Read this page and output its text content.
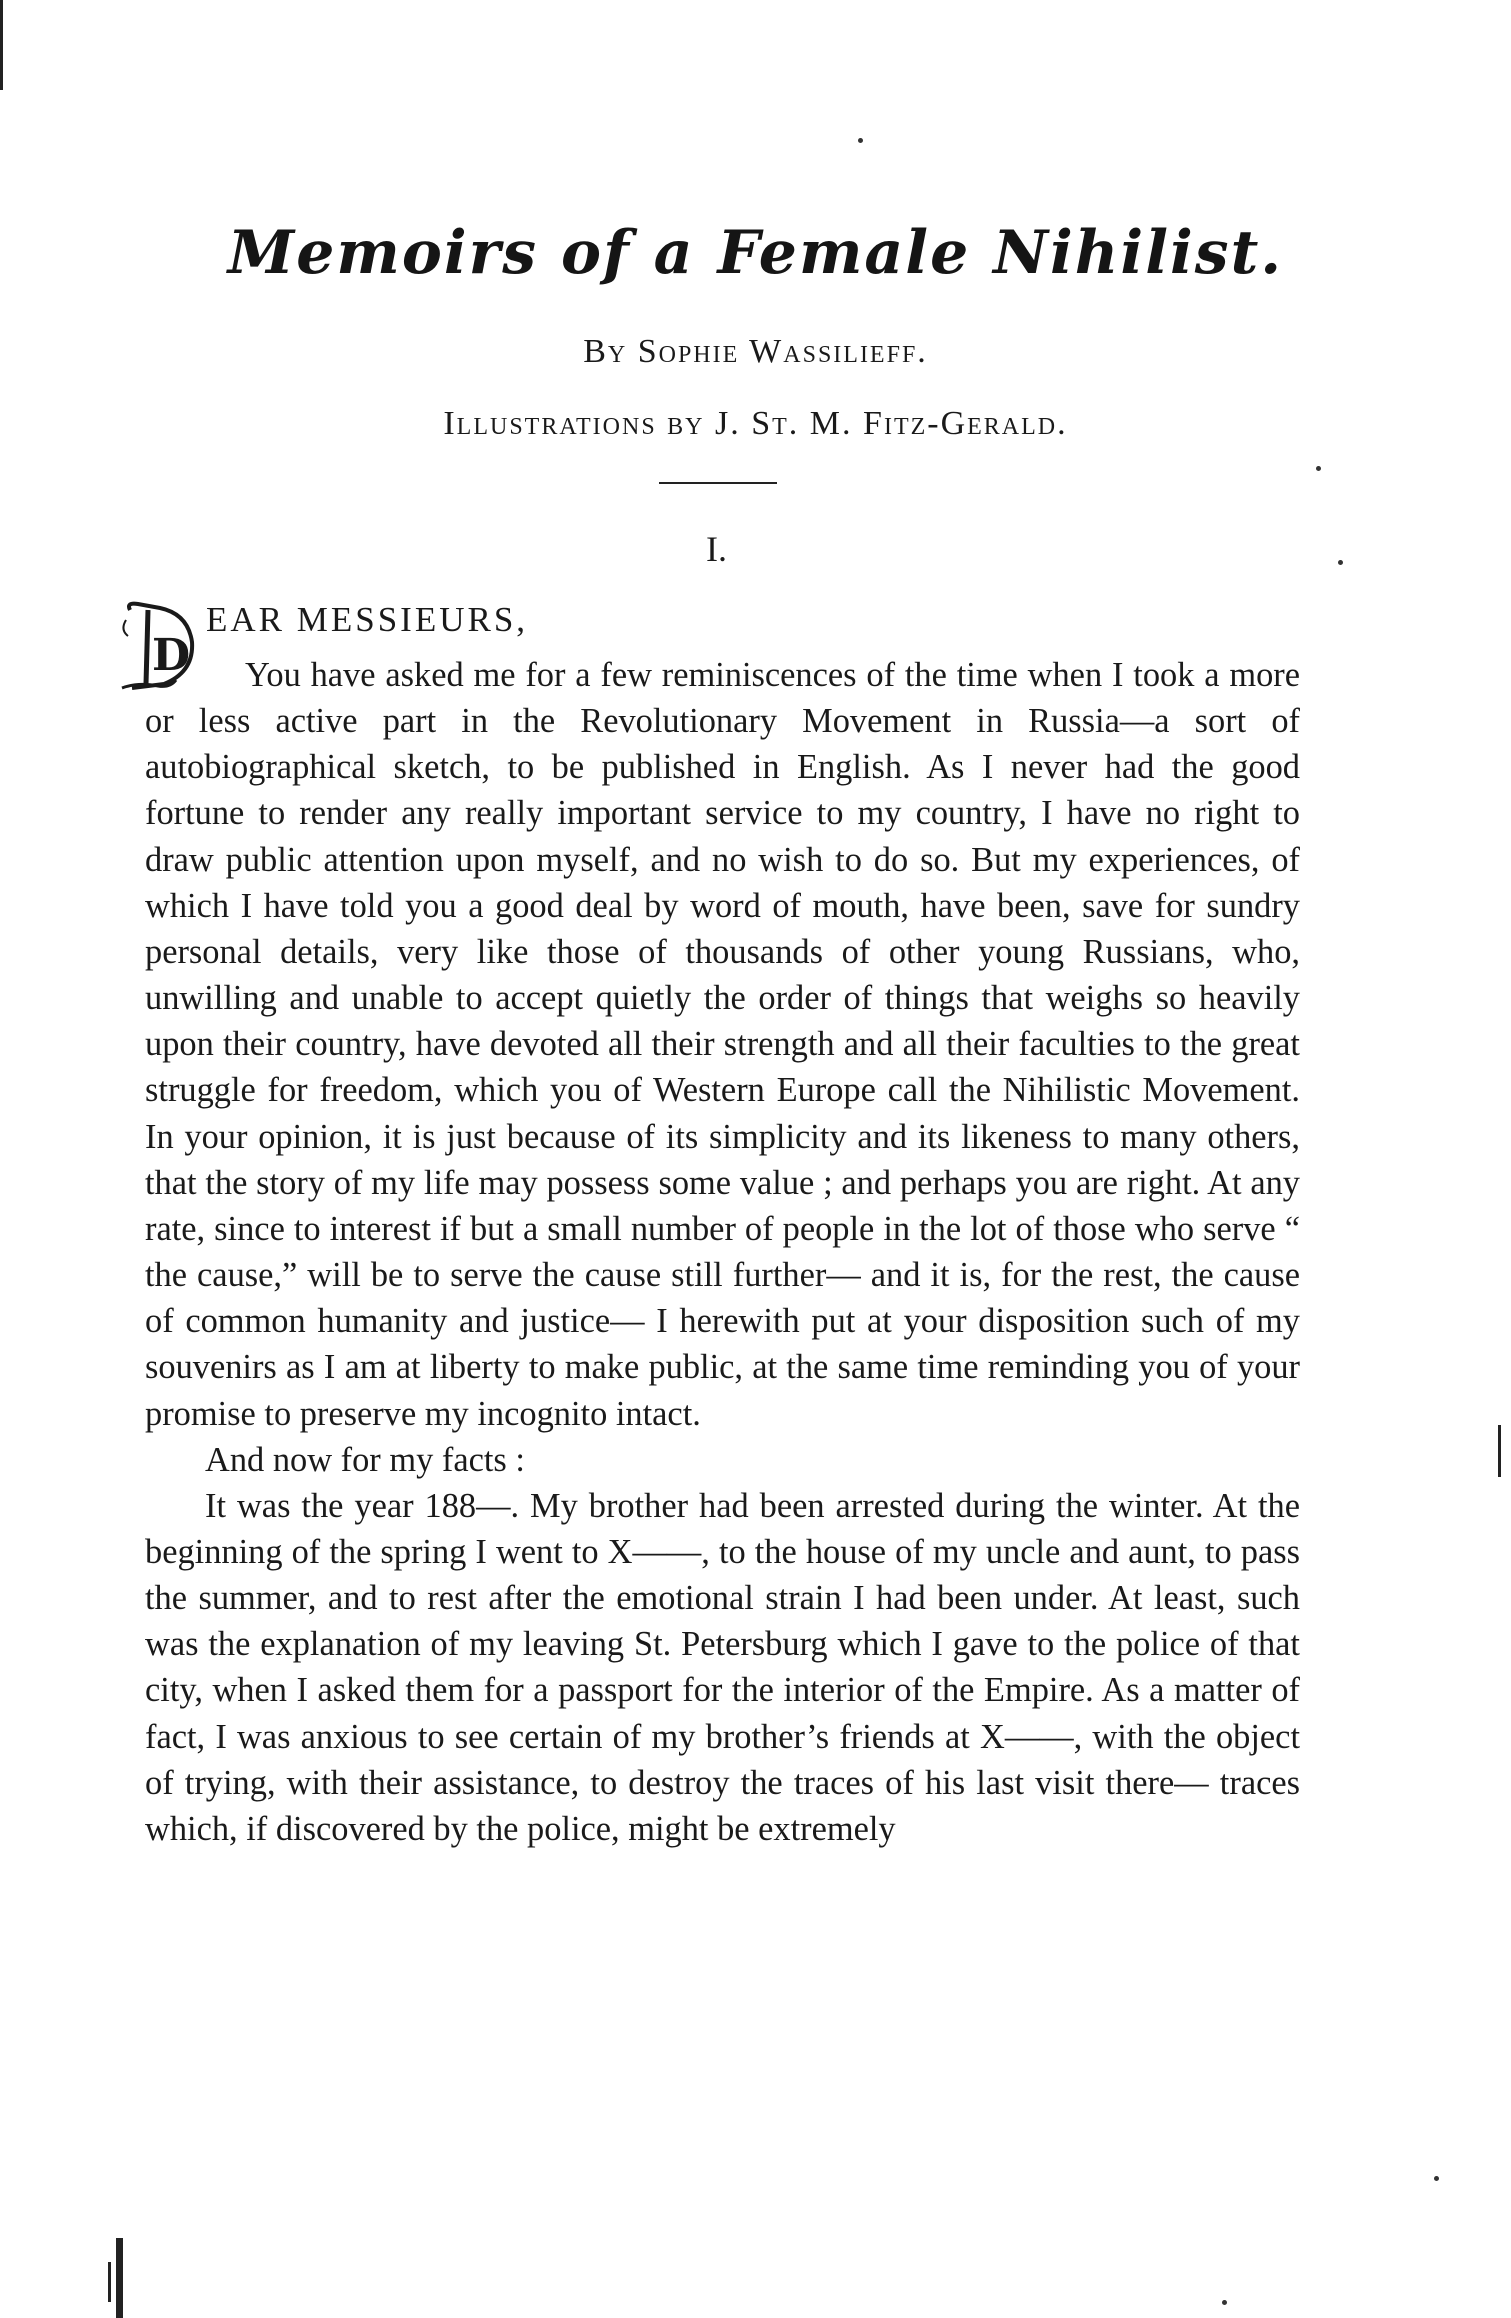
Memoirs of a Female Nihilist.
By Sophie Wassilieff.
Illustrations by J. St. M. Fitz-Gerald.
I.
D
EAR MESSIEURS,

You have asked me for a few reminiscences of the time when I took a more or less active part in the Revolutionary Movement in Russia—a sort of autobiographical sketch, to be published in English. As I never had the good fortune to render any really important service to my country, I have no right to draw public attention upon myself, and no wish to do so. But my experiences, of which I have told you a good deal by word of mouth, have been, save for sundry personal details, very like those of thousands of other young Russians, who, unwilling and unable to accept quietly the order of things that weighs so heavily upon their country, have devoted all their strength and all their faculties to the great struggle for freedom, which you of Western Europe call the Nihilistic Movement. In your opinion, it is just because of its simplicity and its likeness to many others, that the story of my life may possess some value ; and perhaps you are right. At any rate, since to interest if but a small number of people in the lot of those who serve “ the cause,” will be to serve the cause still further— and it is, for the rest, the cause of common humanity and justice— I herewith put at your disposition such of my souvenirs as I am at liberty to make public, at the same time reminding you of your promise to preserve my incognito intact.

And now for my facts :

It was the year 188—. My brother had been arrested during the winter. At the beginning of the spring I went to X——, to the house of my uncle and aunt, to pass the summer, and to rest after the emotional strain I had been under. At least, such was the explanation of my leaving St. Petersburg which I gave to the police of that city, when I asked them for a passport for the interior of the Empire. As a matter of fact, I was anxious to see certain of my brother’s friends at X——, with the object of trying, with their assistance, to destroy the traces of his last visit there— traces which, if discovered by the police, might be extremely
